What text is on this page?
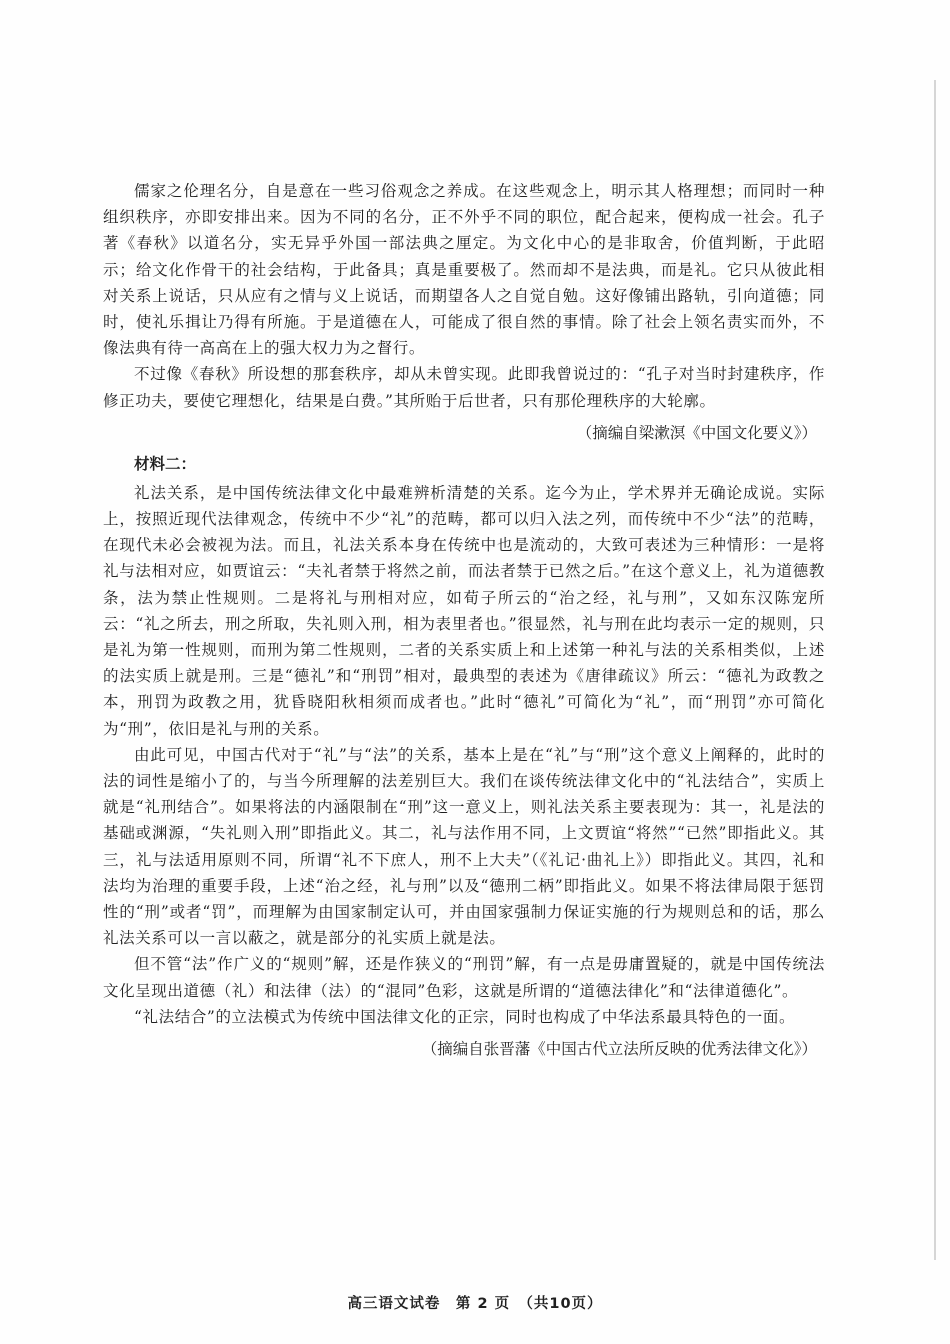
儒家之伦理名分，自是意在一些习俗观念之养成。在这些观念上，明示其人格理想；而同时一种组织秩序，亦即安排出来。因为不同的名分，正不外乎不同的职位，配合起来，便构成一社会。孔子著《春秋》以道名分，实无异乎外国一部法典之厘定。为文化中心的是非取舍，价值判断，于此昭示；给文化作骨干的社会结构，于此备具；真是重要极了。然而却不是法典，而是礼。它只从彼此相对关系上说话，只从应有之情与义上说话，而期望各人之自觉自勉。这好像铺出路轨，引向道德；同时，使礼乐揖让乃得有所施。于是道德在人，可能成了很自然的事情。除了社会上领名责实而外，不像法典有待一高高在上的强大权力为之督行。

不过像《春秋》所设想的那套秩序，却从未曾实现。此即我曾说过的：“孔子对当时封建秩序，作修正功夫，要使它理想化，结果是白费。”其所贻于后世者，只有那伦理秩序的大轮廓。

（摘编自梁漱溟《中国文化要义》）

材料二：

礼法关系，是中国传统法律文化中最难辨析清楚的关系。迄今为止，学术界并无确论成说。实际上，按照近现代法律观念，传统中不少“礼”的范畴，都可以归入法之列，而传统中不少“法”的范畴，在现代未必会被视为法。而且，礼法关系本身在传统中也是流动的，大致可表述为三种情形：一是将礼与法相对应，如贾谊云：“夫礼者禁于将然之前，而法者禁于已然之后。”在这个意义上，礼为道德教条，法为禁止性规则。二是将礼与刑相对应，如荀子所云的“治之经，礼与刑”，又如东汉陈宠所云：“礼之所去，刑之所取，失礼则入刑，相为表里者也。”很显然，礼与刑在此均表示一定的规则，只是礼为第一性规则，而刑为第二性规则，二者的关系实质上和上述第一种礼与法的关系相类似，上述的法实质上就是刑。三是“德礼”和“刑罚”相对，最典型的表述为《唐律疏议》所云：“德礼为政教之本，刑罚为政教之用，犹昏晓阳秋相须而成者也。”此时“德礼”可简化为“礼”，而“刑罚”亦可简化为“刑”，依旧是礼与刑的关系。

由此可见，中国古代对于“礼”与“法”的关系，基本上是在“礼”与“刑”这个意义上阐释的，此时的法的词性是缩小了的，与当今所理解的法差别巨大。我们在谈传统法律文化中的“礼法结合”，实质上就是“礼刑结合”。如果将法的内涵限制在“刑”这一意义上，则礼法关系主要表现为：其一，礼是法的基础或渊源，“失礼则入刑”即指此义。其二，礼与法作用不同，上文贾谊“将然”“已然”即指此义。其三，礼与法适用原则不同，所谓“礼不下庶人，刑不上大夫”（《礼记·曲礼上》）即指此义。其四，礼和法均为治理的重要手段，上述“治之经，礼与刑”以及“德刑二柄”即指此义。如果不将法律局限于惩罚性的“刑”或者“罚”，而理解为由国家制定认可，并由国家强制力保证实施的行为规则总和的话，那么礼法关系可以一言以蔽之，就是部分的礼实质上就是法。

但不管“法”作广义的“规则”解，还是作狭义的“刑罚”解，有一点是毋庸置疑的，就是中国传统法文化呈现出道德（礼）和法律（法）的“混同”色彩，这就是所谓的“道德法律化”和“法律道德化”。

“礼法结合”的立法模式为传统中国法律文化的正宗，同时也构成了中华法系最具特色的一面。

（摘编自张晋藩《中国古代立法所反映的优秀法律文化》）

高三语文试卷　第 2 页　（共10页）
